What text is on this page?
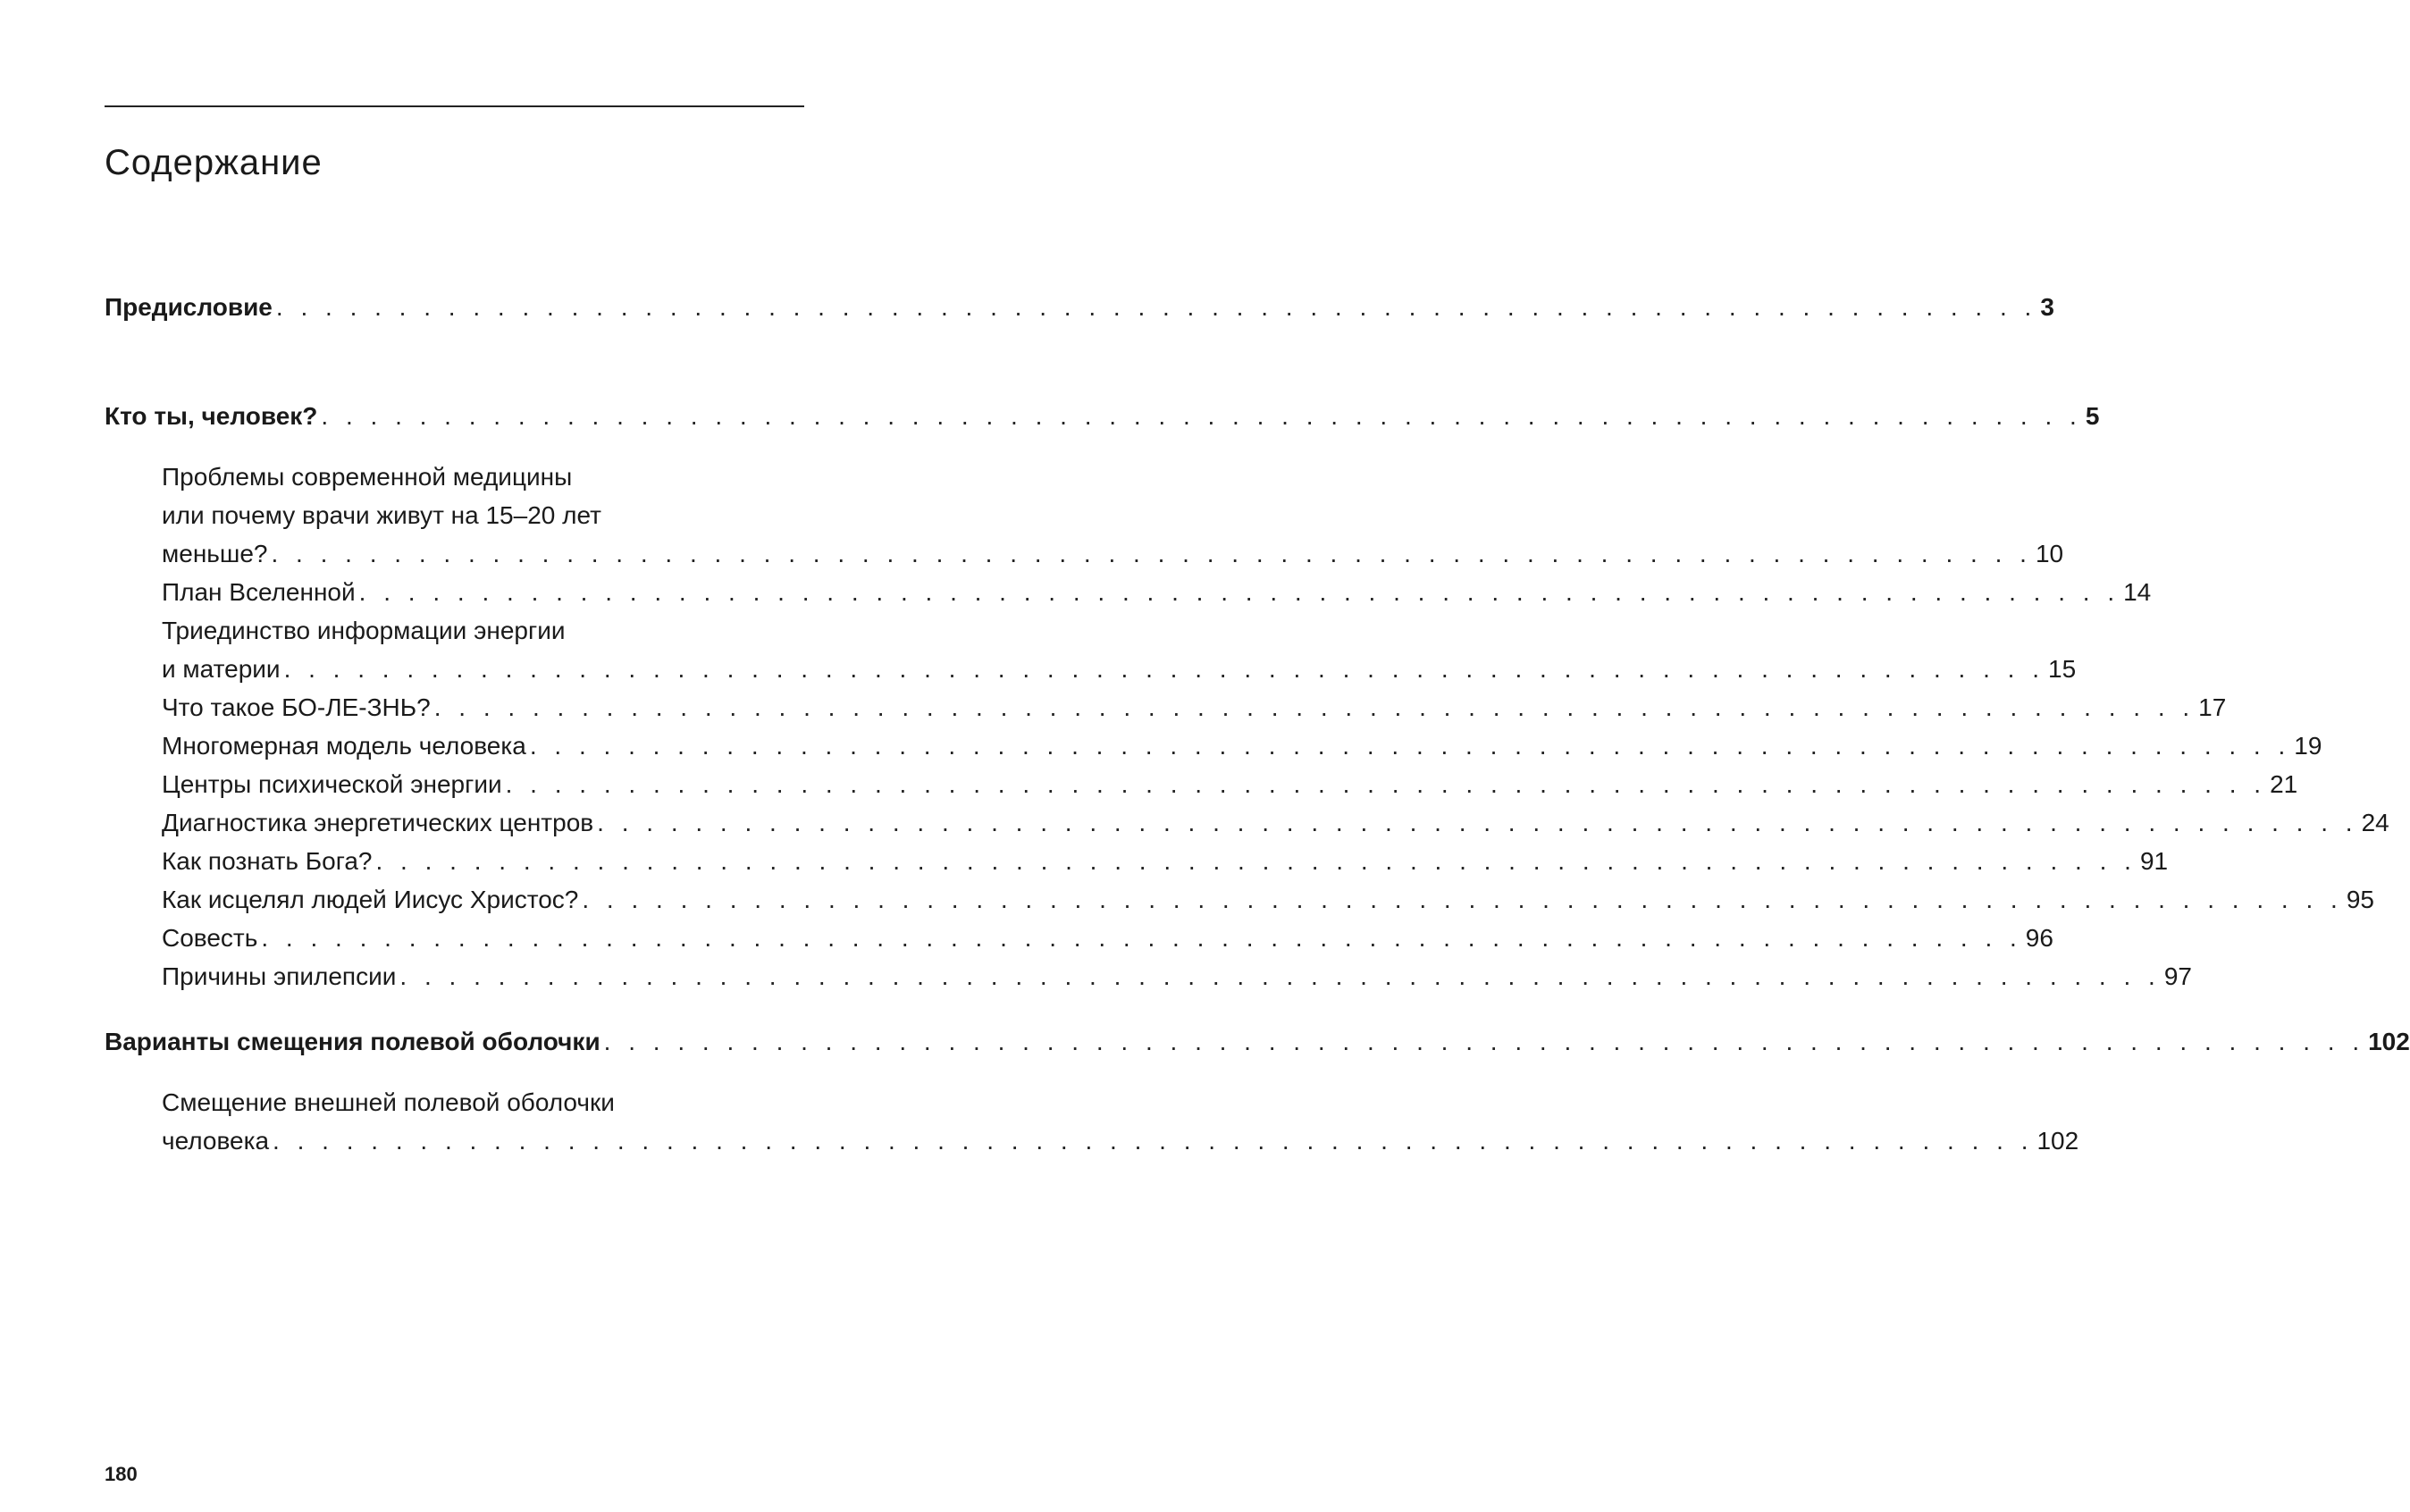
Содержание
Предисловие . . . . . . . . . . . . . . . . . . . . . . . . . . . . . . . . . . . . . . . . . . . . . . . . . . . . . . . . . . . . . . . . . . . . . . . . 3
Кто ты, человек? . . . . . . . . . . . . . . . . . . . . . . . . . . . . . . . . . . . . . . . . . . . . . . . . . . . . . . . . . . . . . . . . . . . . . . . . 5
Проблемы современной медицины
или почему врачи живут на 15–20 лет
меньше? . . . . . . . . . . . . . . . . . . . . . . . . . . . . . . . . . . . . . . . . . . . . . . . . . . . . . . . . . . . . . . . . . . . . . . . . 10
План Вселенной . . . . . . . . . . . . . . . . . . . . . . . . . . . . . . . . . . . . . . . . . . . . . . . . . . . . . . . . . . . . . . . . . . . . . . . . 14
Триединство информации энергии
и материи . . . . . . . . . . . . . . . . . . . . . . . . . . . . . . . . . . . . . . . . . . . . . . . . . . . . . . . . . . . . . . . . . . . . . . . . 15
Что такое БО-ЛЕ-ЗНЬ? . . . . . . . . . . . . . . . . . . . . . . . . . . . . . . . . . . . . . . . . . . . . . . . . . . . . . . . . . . . . . . . . . . . . . . . . 17
Многомерная модель человека . . . . . . . . . . . . . . . . . . . . . . . . . . . . . . . . . . . . . . . . . . . . . . . . . . . . . . . . . . . . . . . . . . . . . . . . 19
Центры психической энергии . . . . . . . . . . . . . . . . . . . . . . . . . . . . . . . . . . . . . . . . . . . . . . . . . . . . . . . . . . . . . . . . . . . . . . . . 21
Диагностика энергетических центров . . . . . . . . . . . . . . . . . . . . . . . . . . . . . . . . . . . . . . . . . . . . . . . . . . . . . . . . . . . . . . . . . . . . . . . . 24
Как познать Бога? . . . . . . . . . . . . . . . . . . . . . . . . . . . . . . . . . . . . . . . . . . . . . . . . . . . . . . . . . . . . . . . . . . . . . . . . 91
Как исцелял людей Иисус Христос? . . . . . . . . . . . . . . . . . . . . . . . . . . . . . . . . . . . . . . . . . . . . . . . . . . . . . . . . . . . . . . . . . . . . . . . . 95
Совесть . . . . . . . . . . . . . . . . . . . . . . . . . . . . . . . . . . . . . . . . . . . . . . . . . . . . . . . . . . . . . . . . . . . . . . . . 96
Причины эпилепсии . . . . . . . . . . . . . . . . . . . . . . . . . . . . . . . . . . . . . . . . . . . . . . . . . . . . . . . . . . . . . . . . . . . . . . . . 97
Варианты смещения полевой оболочки . . . . . . . . . . . . . . . . . . . . . . . . . . . . . . . . . . . . . . . . . . . . . . . . . . . . . . . . . . . . . . . . . . . . . . . . 102
Смещение внешней полевой оболочки
человека . . . . . . . . . . . . . . . . . . . . . . . . . . . . . . . . . . . . . . . . . . . . . . . . . . . . . . . . . . . . . . . . . . . . . . . . 102
180
